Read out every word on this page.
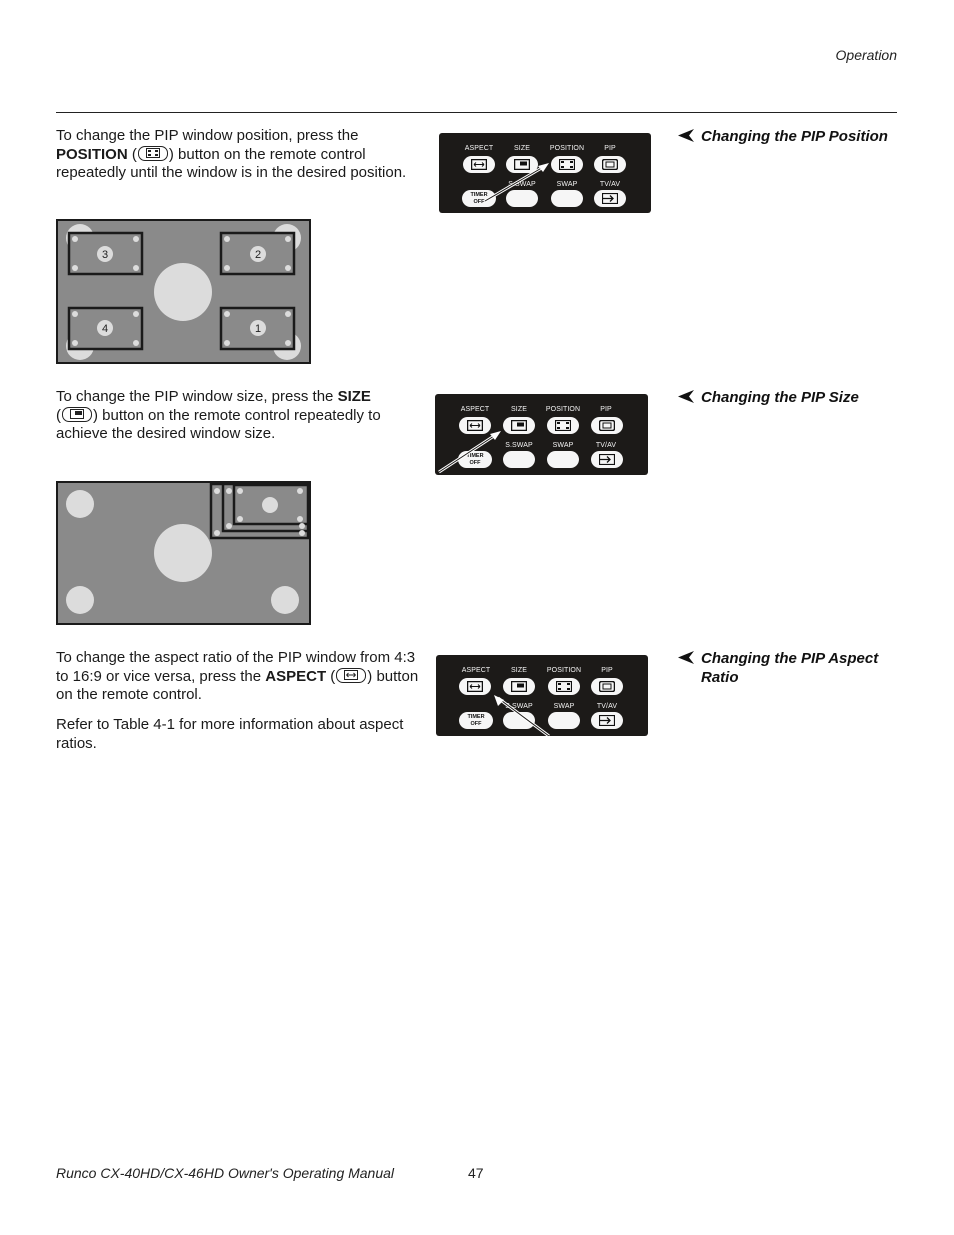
Operation
To change the PIP window position, press the POSITION ( ) button on the remote control repeatedly until the window is in the desired position.
ASPECT	SIZE	POSITION	PIP
S.SWAP	SWAP	TV/AV
TIMER
OFF
Changing the PIP Position
3	2
4	1
To change the PIP window size, press the SIZE
( ) button on the remote control repeatedly to achieve the desired window size.
ASPECT	SIZE	POSITION	PIP
S.SWAP	SWAP	TV/AV
TIMER
OFF
Changing the PIP Size
To change the aspect ratio of the PIP window from 4:3 to 16:9 or vice versa, press the ASPECT ( ) button on the remote control.
Refer to Table 4-1 for more information about aspect ratios.
ASPECT	SIZE	POSITION	PIP
S.SWAP	SWAP	TV/AV
TIMER
OFF
Changing the PIP Aspect Ratio
Runco CX-40HD/CX-46HD Owner's Operating Manual	47
